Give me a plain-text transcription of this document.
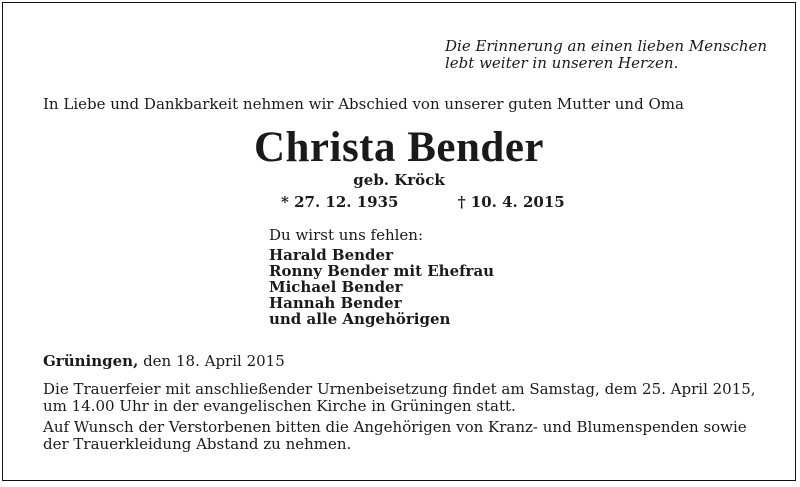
Die Erinnerung an einen lieben Menschen
lebt weiter in unseren Herzen.
In Liebe und Dankbarkeit nehmen wir Abschied von unserer guten Mutter und Oma
Christa Bender
geb. Kröck
* 27. 12. 1935	† 10. 4. 2015
Du wirst uns fehlen:
Harald Bender
Ronny Bender mit Ehefrau
Michael Bender
Hannah Bender
und alle Angehörigen
Grüningen, den 18. April 2015
Die Trauerfeier mit anschließender Urnenbeisetzung findet am Samstag, dem 25. April 2015, um 14.00 Uhr in der evangelischen Kirche in Grüningen statt.
Auf Wunsch der Verstorbenen bitten die Angehörigen von Kranz- und Blumenspenden sowie der Trauerkleidung Abstand zu nehmen.
